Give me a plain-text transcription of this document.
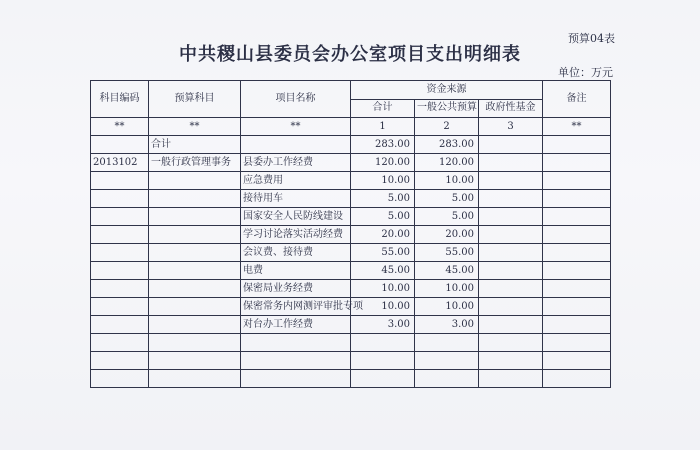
预算04表
中共稷山县委员会办公室项目支出明细表
单位：万元
科目编码	预算科目	项目名称	资金来源			备注
			合计	一般公共预算	政府性基金	
**	**	**	1	2	3	**
	合计		283.00	283.00		
2013102	一般行政管理事务	县委办工作经费	120.00	120.00		
		应急费用	10.00	10.00		
		接待用车	5.00	5.00		
		国家安全人民防线建设	5.00	5.00		
		学习讨论落实活动经费	20.00	20.00		
		会议费、接待费	55.00	55.00		
		电费	45.00	45.00		
		保密局业务经费	10.00	10.00		
		保密常务内网测评审批专项	10.00	10.00		
		对台办工作经费	3.00	3.00		
